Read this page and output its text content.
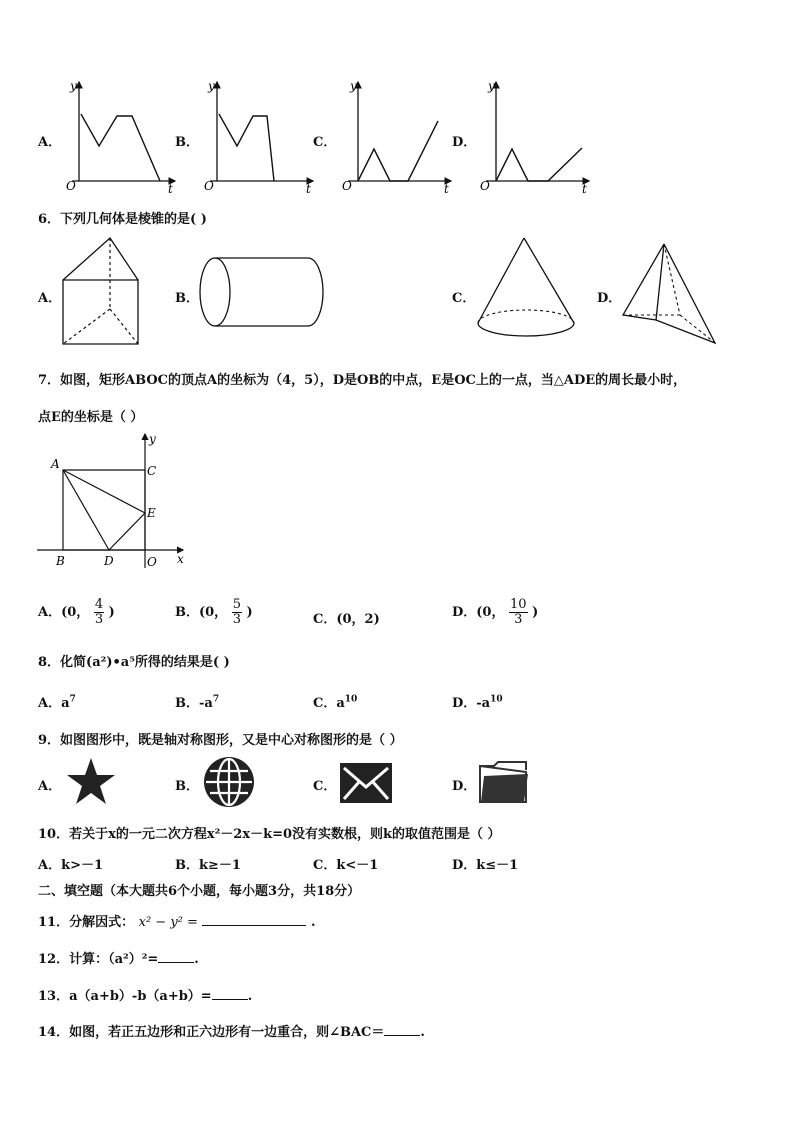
A．
y
O	t
B．
y
O	t
C．
y
O	t
D．
y
O	t
6．下列几何体是棱锥的是( )
A．	B．	C．	D．
7．如图，矩形ABOC的顶点A的坐标为（4，5），D是OB的中点，E是OC上的一点，当△ADE的周长最小时，
点E的坐标是（ ）
A	C
E
B	D	O x
y
A．(0， $\frac{4}{3}$ )	B．(0， $\frac{5}{3}$ )	C．(0，2)	D．(0， $\frac{10}{3}$ )
8．化简(a²)•a⁵所得的结果是( )
A．$a^7$	B．$-a^7$	C．$a^{10}$	D．$-a^{10}$
9．如图图形中，既是轴对称图形，又是中心对称图形的是（ ）
A．	B．	C．	D．
10．若关于x的一元二次方程x²－2x－k=0没有实数根，则k的取值范围是（ ）
A．k>－1	B．k≥－1	C．k<－1	D．k≤－1
二、填空题（本大题共6个小题，每小题3分，共18分）
11．分解因式： x² − y² =	.
12．计算：（a²）²=	.
13．a（a+b）-b（a+b）=	.
14．如图，若正五边形和正六边形有一边重合，则∠BAC＝	.
